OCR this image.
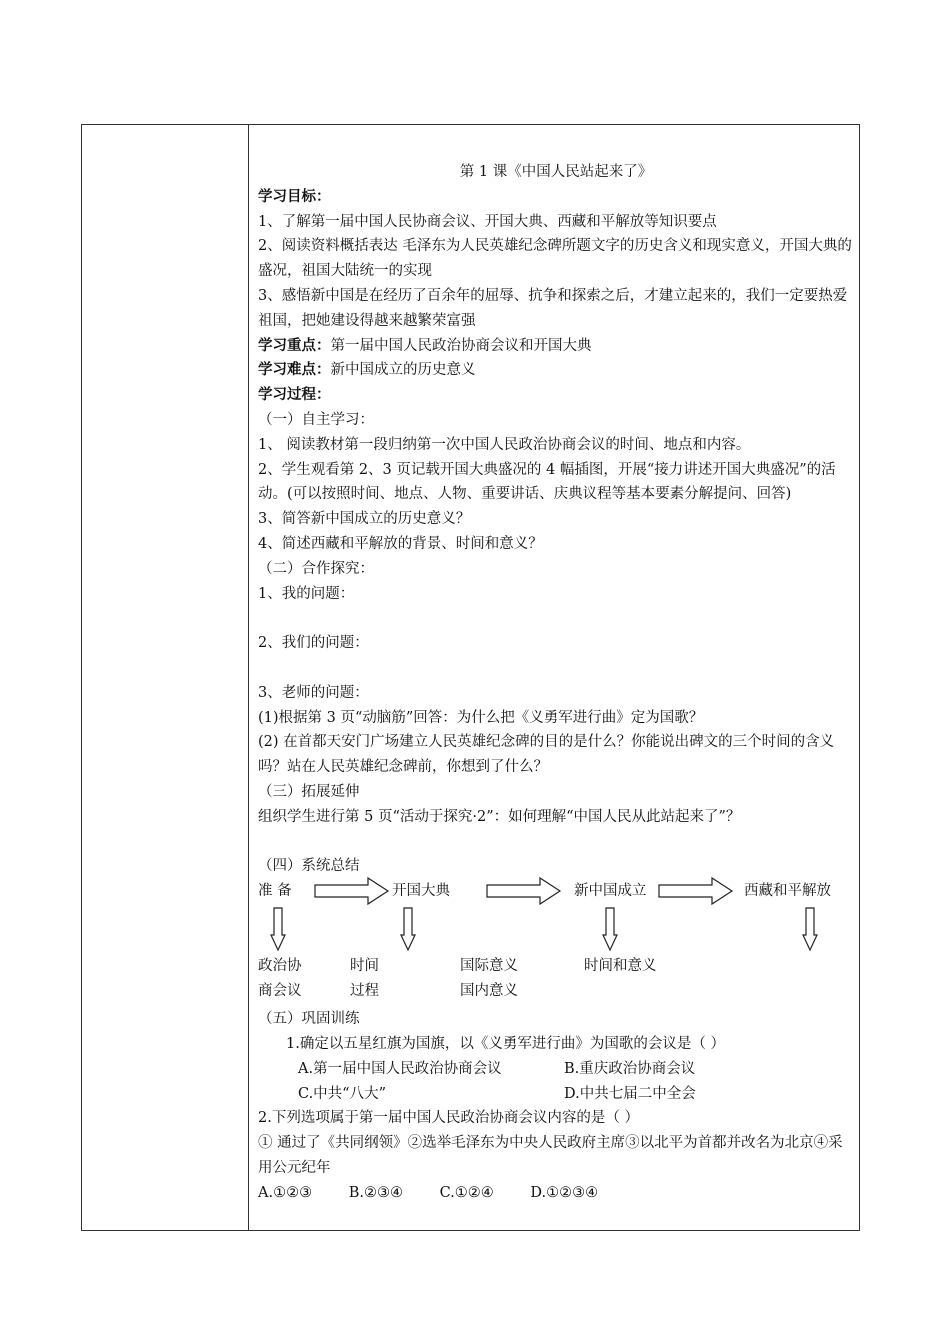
第 1 课《中国人民站起来了》
学习目标：
1、了解第一届中国人民协商会议、开国大典、西藏和平解放等知识要点
2、阅读资料概括表达 毛泽东为人民英雄纪念碑所题文字的历史含义和现实意义，开国大典的盛况，祖国大陆统一的实现
3、感悟新中国是在经历了百余年的屈辱、抗争和探索之后，才建立起来的，我们一定要热爱祖国，把她建设得越来越繁荣富强
学习重点：第一届中国人民政治协商会议和开国大典
学习难点：新中国成立的历史意义
学习过程：
（一）自主学习：
1、 阅读教材第一段归纳第一次中国人民政治协商会议的时间、地点和内容。
2、学生观看第 2、3 页记载开国大典盛况的 4 幅插图，开展“接力讲述开国大典盛况”的活动。(可以按照时间、地点、人物、重要讲话、庆典议程等基本要素分解提问、回答)
3、简答新中国成立的历史意义？
4、简述西藏和平解放的背景、时间和意义？
（二）合作探究：
1、我的问题：
2、我们的问题：
3、老师的问题：
(1)根据第 3 页“动脑筋”回答：为什么把《义勇军进行曲》定为国歌？
(2) 在首都天安门广场建立人民英雄纪念碑的目的是什么？你能说出碑文的三个时间的含义吗？站在人民英雄纪念碑前，你想到了什么？
（三）拓展延伸
组织学生进行第 5 页“活动于探究·2”：如何理解“中国人民从此站起来了”？
（四）系统总结
准 备	开国大典	新中国成立	西藏和平解放
政治协
商会议
时间
过程
国际意义
国内意义
时间和意义
（五）巩固训练
1.确定以五星红旗为国旗，以《义勇军进行曲》为国歌的会议是（ ）
A.第一届中国人民政治协商会议	B.重庆政治协商会议
C.中共“八大”	D.中共七届二中全会
2.下列选项属于第一届中国人民政治协商会议内容的是（ ）
① 通过了《共同纲领》②选举毛泽东为中央人民政府主席③以北平为首都并改名为北京④采用公元纪年
A.①②③	B.②③④	C.①②④	D.①②③④
